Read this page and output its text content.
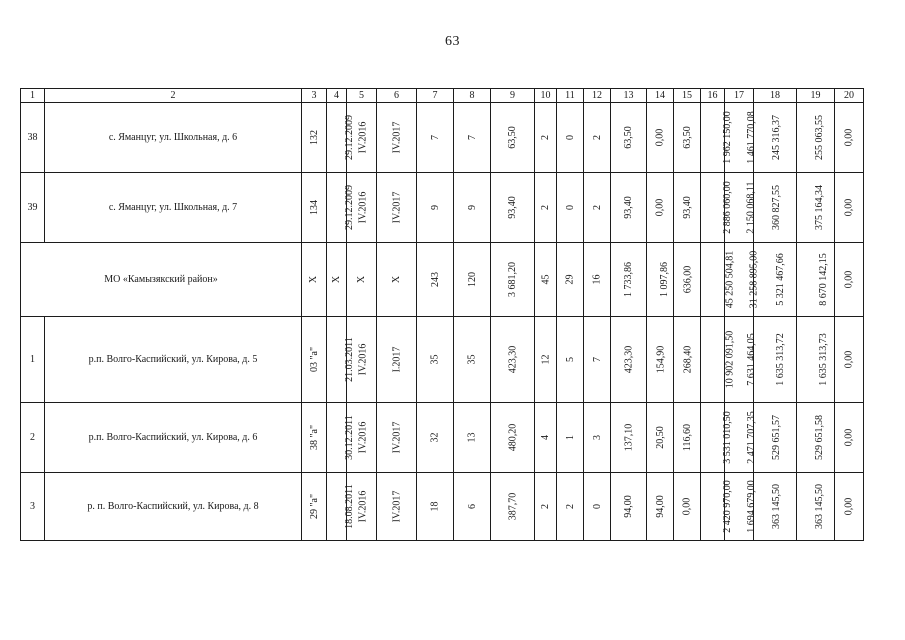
63
1	2	3	4	5	6	7	8	9	10	11	12	13	14	15	16	17	18	19	20
38	с. Яманцуг, ул. Школьная, д. 6	132	29.12.2009	IV.2016	IV.2017	7	7	63,50	2	0	2	63,50	0,00	63,50	1 962 150,00	1 461 770,08	245 316,37	255 063,55	0,00
39	с. Яманцуг, ул. Школьная, д. 7	134	29.12.2009	IV.2016	IV.2017	9	9	93,40	2	0	2	93,40	0,00	93,40	2 886 060,00	2 150 068,11	360 827,55	375 164,34	0,00
МО «Камызякский район»		X	X	X	X	243	120	3 681,20	45	29	16	1 733,86	1 097,86	636,00	45 250 504,81	31 258 895,00	5 321 467,66	8 670 142,15	0,00
1	р.п. Волго-Каспийский, ул. Кирова, д. 5	03 "а"	21.03.2011	IV.2016	I.2017	35	35	423,30	12	5	7	423,30	154,90	268,40	10 902 091,50	7 631 464,05	1 635 313,72	1 635 313,73	0,00
2	р.п. Волго-Каспийский, ул. Кирова, д. 6	38 "а"	30.12.2011	IV.2016	IV.2017	32	13	480,20	4	1	3	137,10	20,50	116,60	3 531 010,50	2 471 707,35	529 651,57	529 651,58	0,00
3	р. п. Волго-Каспийский, ул. Кирова, д. 8	29 "а"	18.08.2011	IV.2016	IV.2017	18	6	387,70	2	2	0	94,00	94,00	0,00	2 420 970,00	1 694 679,00	363 145,50	363 145,50	0,00
